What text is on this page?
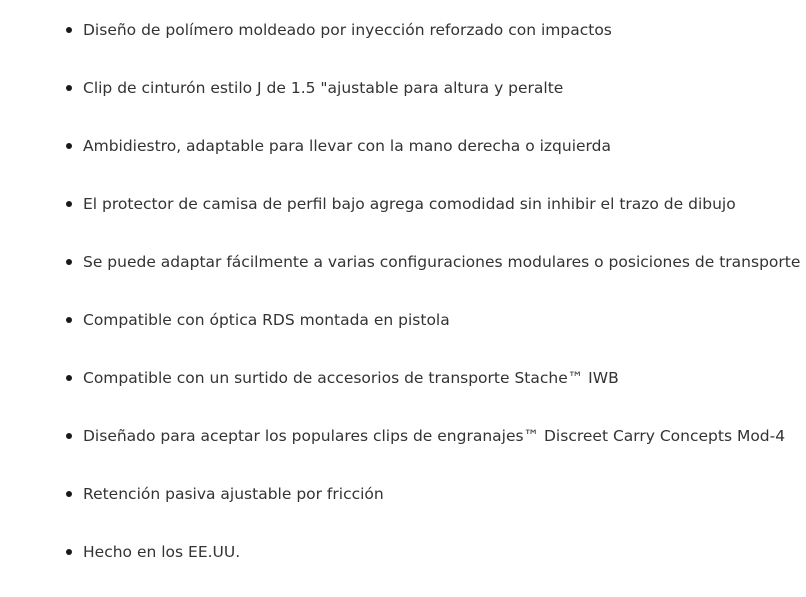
Diseño de polímero moldeado por inyección reforzado con impactos
Clip de cinturón estilo J de 1.5 "ajustable para altura y peralte
Ambidiestro, adaptable para llevar con la mano derecha o izquierda
El protector de camisa de perfil bajo agrega comodidad sin inhibir el trazo de dibujo
Se puede adaptar fácilmente a varias configuraciones modulares o posiciones de transporte
Compatible con óptica RDS montada en pistola
Compatible con un surtido de accesorios de transporte Stache™ IWB
Diseñado para aceptar los populares clips de engranajes™ Discreet Carry Concepts Mod-4
Retención pasiva ajustable por fricción
Hecho en los EE.UU.
